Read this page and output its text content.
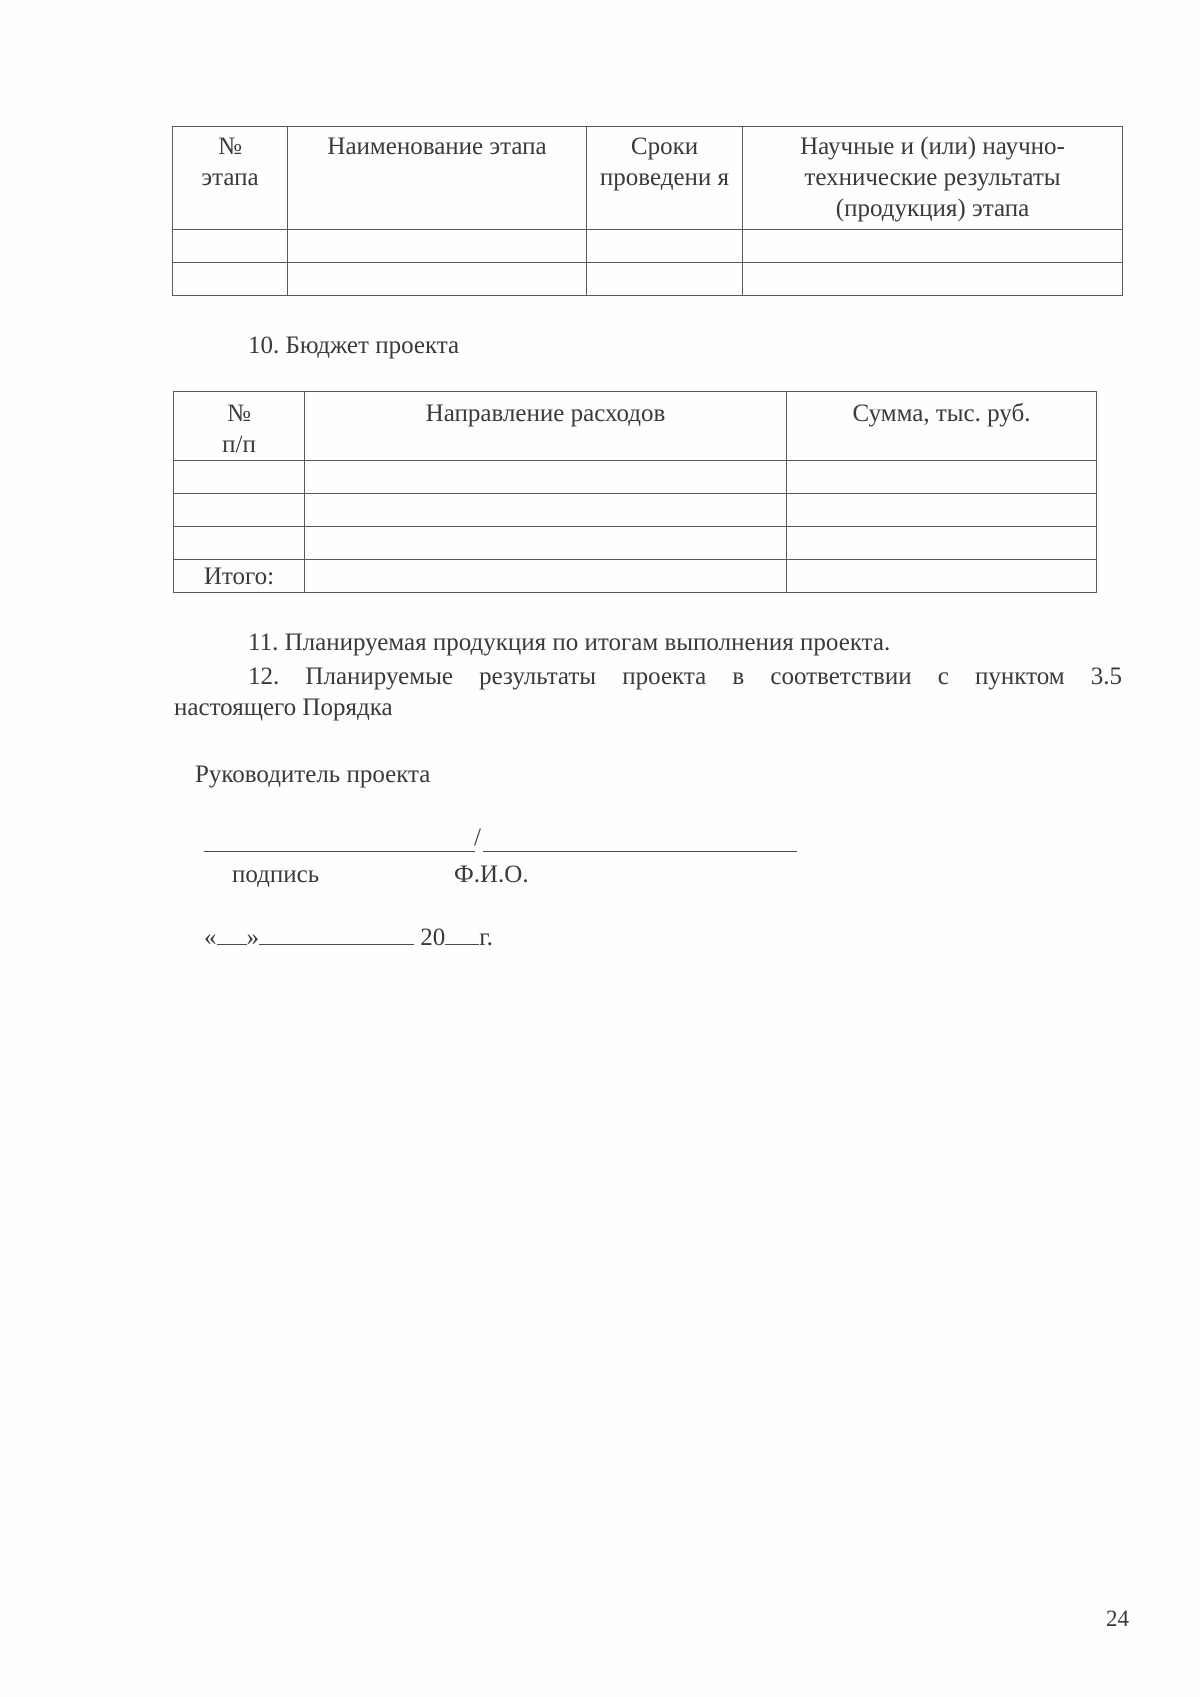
№ этапа	Наименование этапа	Сроки проведени я	Научные и (или) научно-технические результаты (продукция) этапа

10. Бюджет проекта
№ п/п	Направление расходов	Сумма, тыс. руб.

Итого:		
11. Планируемая продукция по итогам выполнения проекта.
12. Планируемые результаты проекта в соответствии с пунктом 3.5
настоящего Порядка
Руководитель проекта
/
подпись	Ф.И.О.
« »	20 г.
24
